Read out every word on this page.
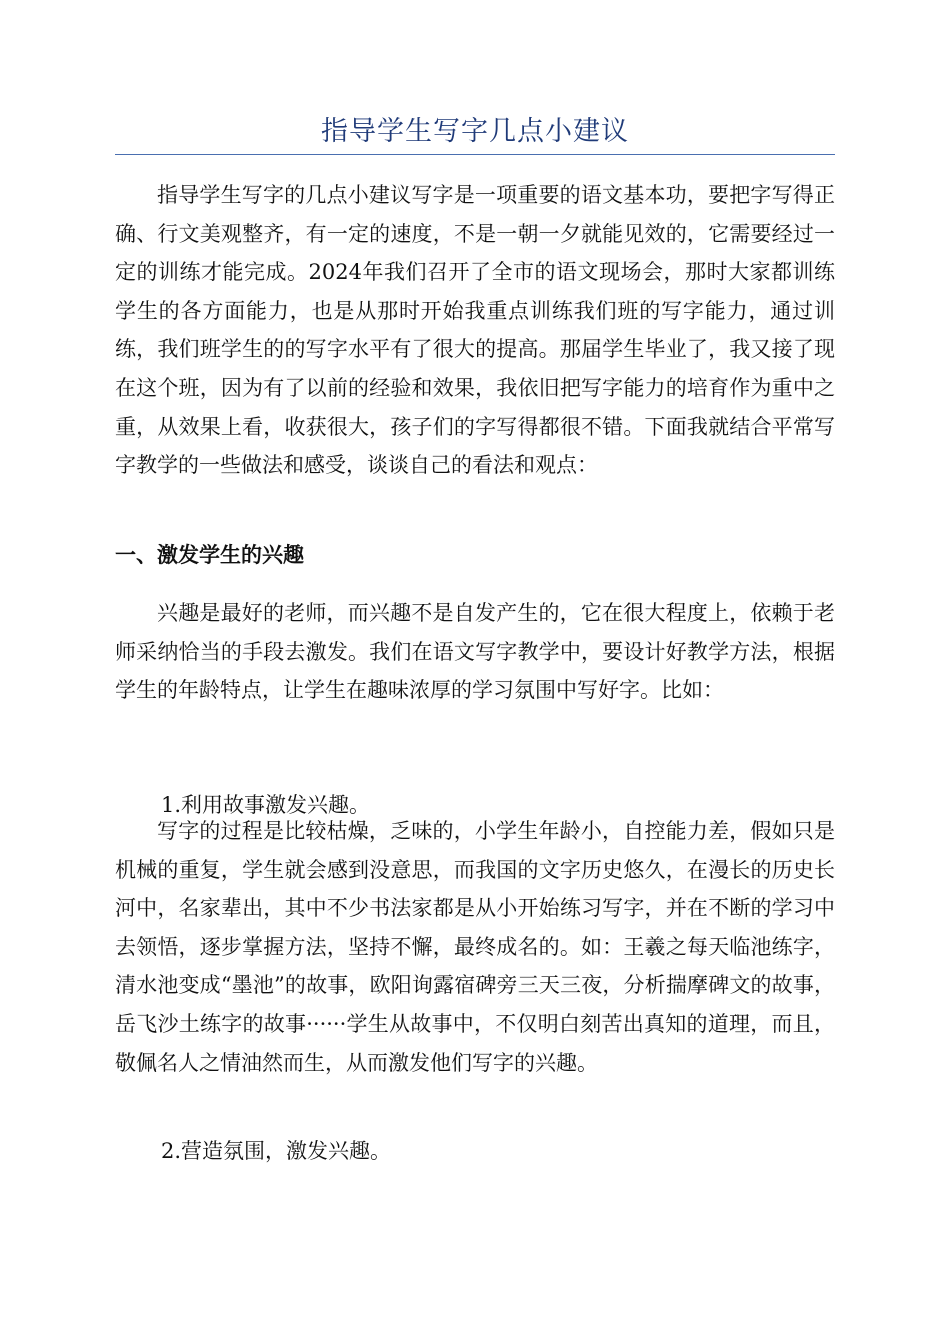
指导学生写字几点小建议

指导学生写字的几点小建议写字是一项重要的语文基本功，要把字写得正确、行文美观整齐，有一定的速度，不是一朝一夕就能见效的，它需要经过一定的训练才能完成。2024年我们召开了全市的语文现场会，那时大家都训练学生的各方面能力，也是从那时开始我重点训练我们班的写字能力，通过训练，我们班学生的的写字水平有了很大的提高。那届学生毕业了，我又接了现在这个班，因为有了以前的经验和效果，我依旧把写字能力的培育作为重中之重，从效果上看，收获很大，孩子们的字写得都很不错。下面我就结合平常写字教学的一些做法和感受，谈谈自己的看法和观点：

一、激发学生的兴趣

兴趣是最好的老师，而兴趣不是自发产生的，它在很大程度上，依赖于老师采纳恰当的手段去激发。我们在语文写字教学中，要设计好教学方法，根据学生的年龄特点，让学生在趣味浓厚的学习氛围中写好字。比如：

1.利用故事激发兴趣。

写字的过程是比较枯燥，乏味的，小学生年龄小，自控能力差，假如只是机械的重复，学生就会感到没意思，而我国的文字历史悠久，在漫长的历史长河中，名家辈出，其中不少书法家都是从小开始练习写字，并在不断的学习中去领悟，逐步掌握方法，坚持不懈，最终成名的。如：王羲之每天临池练字，清水池变成“墨池”的故事，欧阳询露宿碑旁三天三夜，分析揣摩碑文的故事，岳飞沙土练字的故事······学生从故事中，不仅明白刻苦出真知的道理，而且，敬佩名人之情油然而生，从而激发他们写字的兴趣。

2.营造氛围，激发兴趣。
